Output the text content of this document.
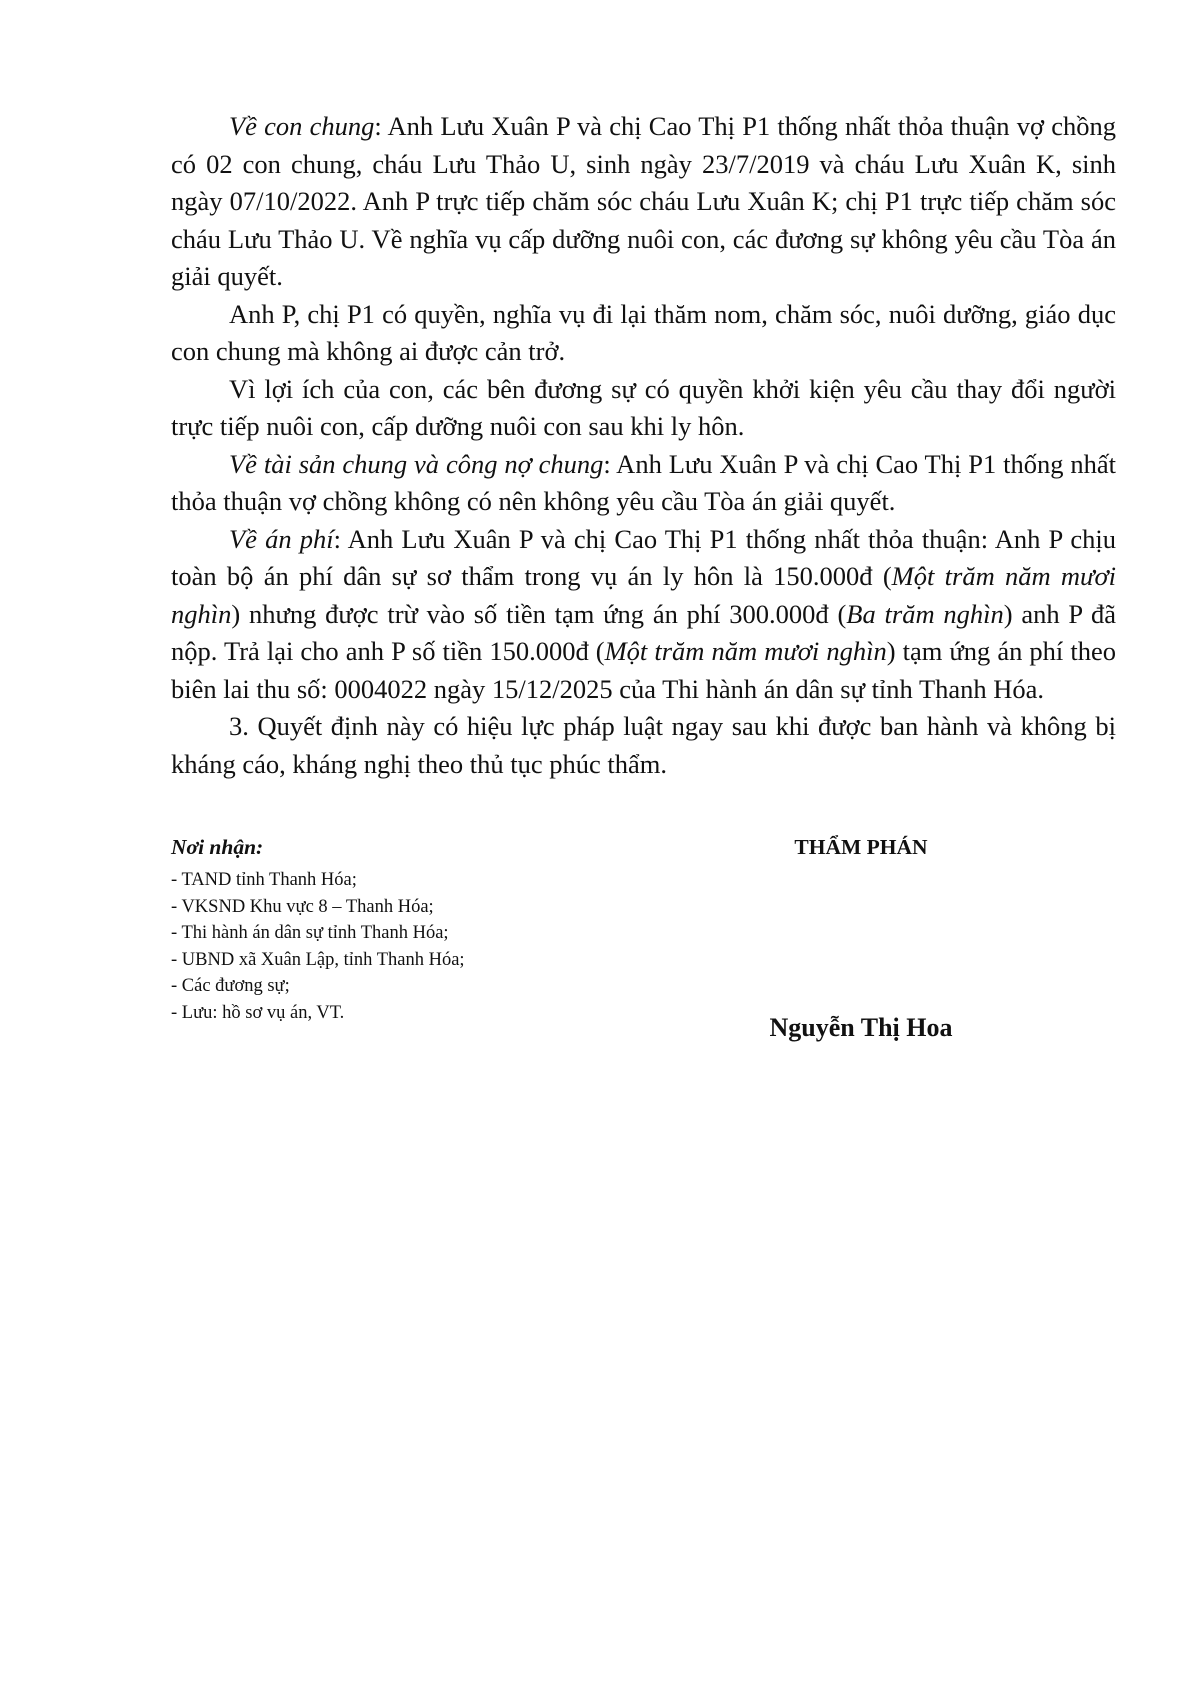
Về con chung: Anh Lưu Xuân P và chị Cao Thị P1 thống nhất thỏa thuận vợ chồng có 02 con chung, cháu Lưu Thảo U, sinh ngày 23/7/2019 và cháu Lưu Xuân K, sinh ngày 07/10/2022. Anh P trực tiếp chăm sóc cháu Lưu Xuân K; chị P1 trực tiếp chăm sóc cháu Lưu Thảo U. Về nghĩa vụ cấp dưỡng nuôi con, các đương sự không yêu cầu Tòa án giải quyết.

Anh P, chị P1 có quyền, nghĩa vụ đi lại thăm nom, chăm sóc, nuôi dưỡng, giáo dục con chung mà không ai được cản trở.

Vì lợi ích của con, các bên đương sự có quyền khởi kiện yêu cầu thay đổi người trực tiếp nuôi con, cấp dưỡng nuôi con sau khi ly hôn.

Về tài sản chung và công nợ chung: Anh Lưu Xuân P và chị Cao Thị P1 thống nhất thỏa thuận vợ chồng không có nên không yêu cầu Tòa án giải quyết.

Về án phí: Anh Lưu Xuân P và chị Cao Thị P1 thống nhất thỏa thuận: Anh P chịu toàn bộ án phí dân sự sơ thẩm trong vụ án ly hôn là 150.000đ (Một trăm năm mươi nghìn) nhưng được trừ vào số tiền tạm ứng án phí 300.000đ (Ba trăm nghìn) anh P đã nộp. Trả lại cho anh P số tiền 150.000đ (Một trăm năm mươi nghìn) tạm ứng án phí theo biên lai thu số: 0004022 ngày 15/12/2025 của Thi hành án dân sự tỉnh Thanh Hóa.

3. Quyết định này có hiệu lực pháp luật ngay sau khi được ban hành và không bị kháng cáo, kháng nghị theo thủ tục phúc thẩm.

Nơi nhận:

- TAND tỉnh Thanh Hóa;
- VKSND Khu vực 8 – Thanh Hóa;
- Thi hành án dân sự tỉnh Thanh Hóa;
- UBND xã Xuân Lập, tỉnh Thanh Hóa;
- Các đương sự;
- Lưu: hồ sơ vụ án, VT.

THẨM PHÁN

Nguyễn Thị Hoa
